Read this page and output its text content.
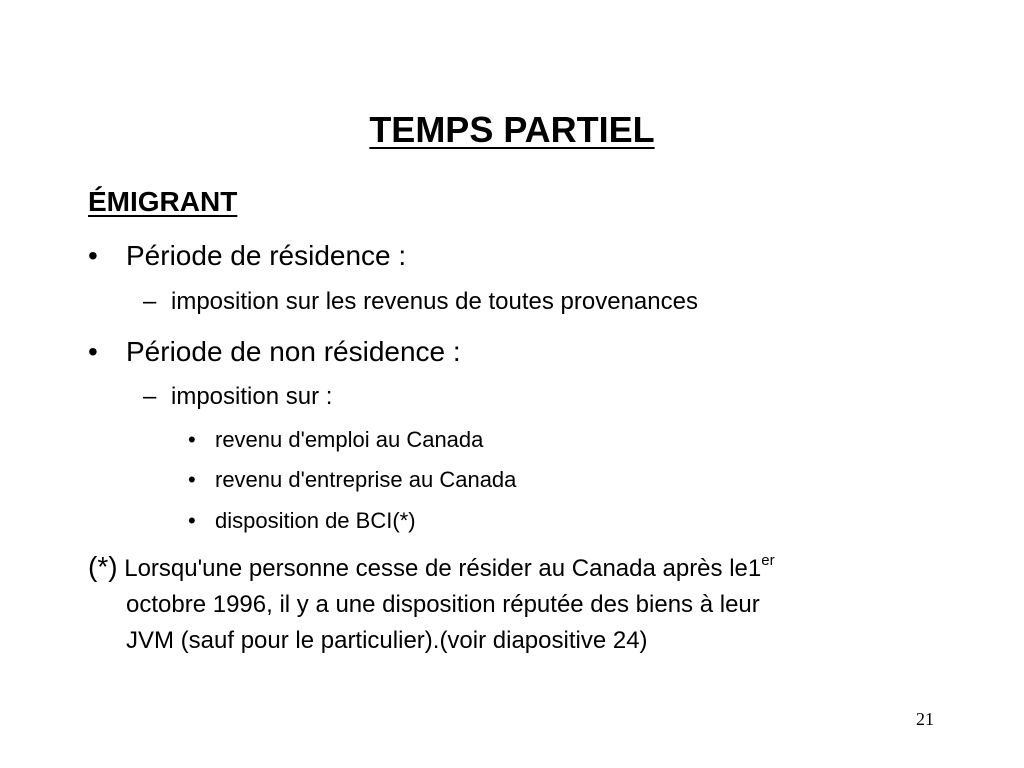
TEMPS PARTIEL
ÉMIGRANT
• Période de résidence :
– imposition sur les revenus de toutes provenances
• Période de non résidence :
– imposition sur :
• revenu d'emploi au Canada
• revenu d'entreprise au Canada
• disposition de BCI(*)
(*) Lorsqu'une personne cesse de résider au Canada après le1er
octobre 1996, il y a une disposition réputée des biens à leur
JVM (sauf pour le particulier).(voir diapositive 24)
21
